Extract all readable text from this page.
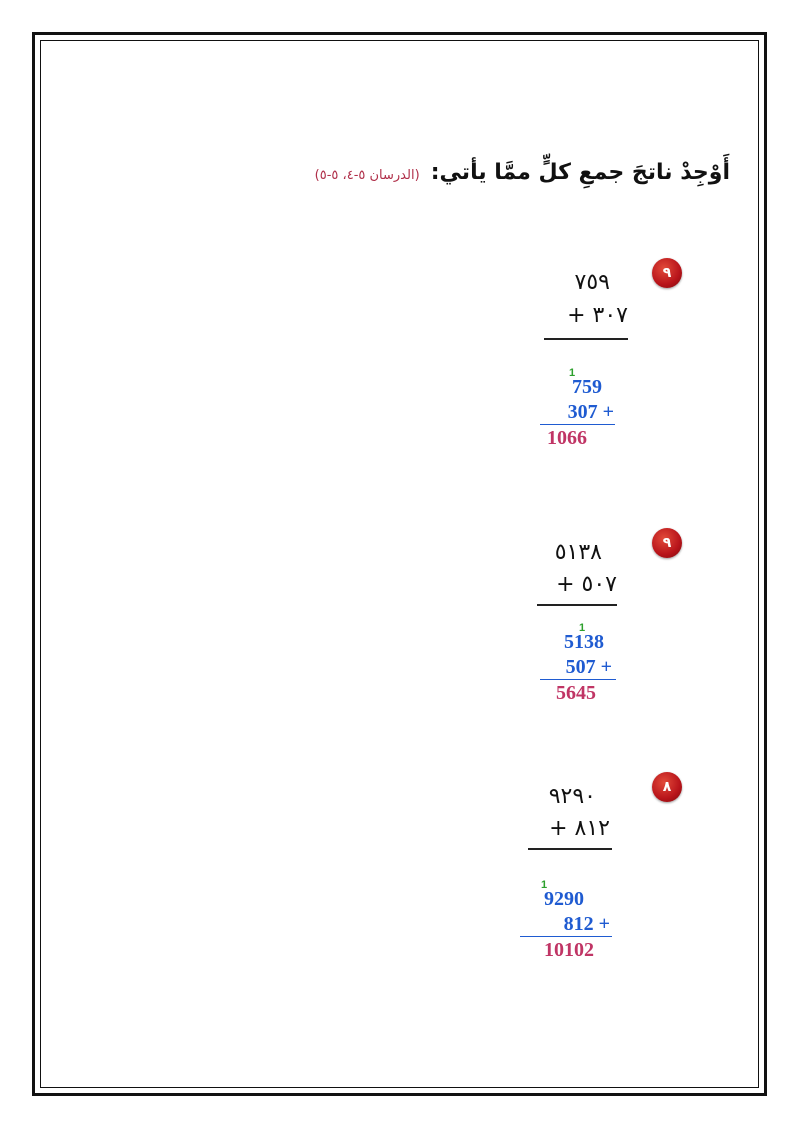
أَوْجِدْ ناتجَ جمعِ كلٍّ ممَّا يأتي: (الدرسان ٥-٤، ٥-٥)
٩
٧٥٩
+ ٣٠٧
1
759
307 +
1066
٩
٥١٣٨
+ ٥٠٧
1
5138
507 +
5645
٨
٩٢٩٠
+ ٨١٢
1
9290
812 +
10102
